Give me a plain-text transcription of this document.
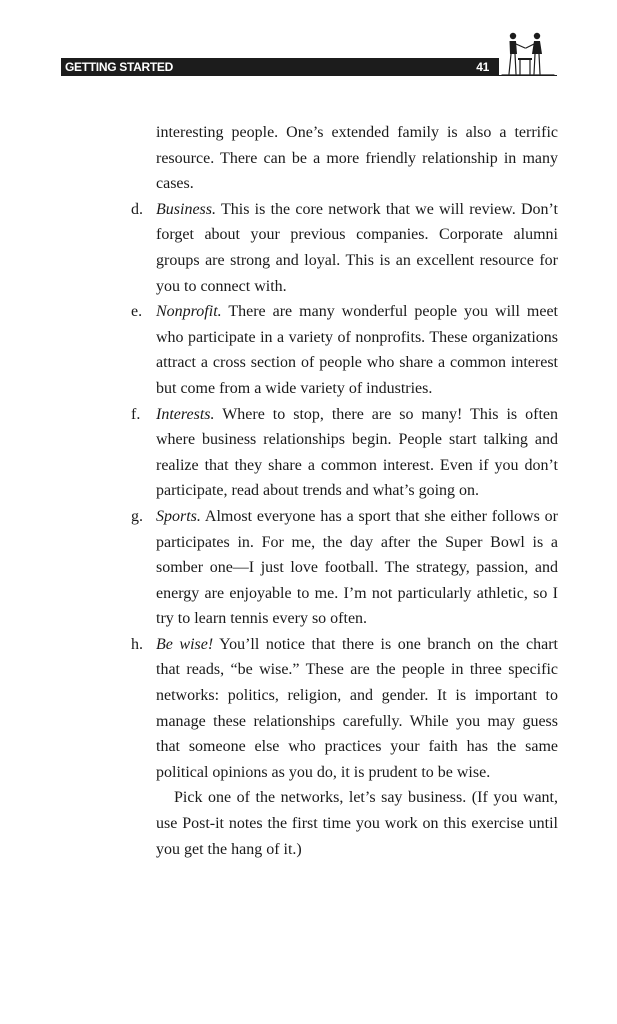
GETTING STARTED	41

interesting people. One’s extended family is also a terrific resource. There can be a more friendly relationship in many cases.

d. Business. This is the core network that we will review. Don’t forget about your previous companies. Corporate alumni groups are strong and loyal. This is an excellent resource for you to connect with.

e. Nonprofit. There are many wonderful people you will meet who participate in a variety of nonprofits. These organizations attract a cross section of people who share a common interest but come from a wide variety of industries.

f. Interests. Where to stop, there are so many! This is often where business relationships begin. People start talking and realize that they share a common interest. Even if you don’t participate, read about trends and what’s going on.

g. Sports. Almost everyone has a sport that she either follows or participates in. For me, the day after the Super Bowl is a somber one—I just love football. The strategy, passion, and energy are enjoyable to me. I’m not particularly athletic, so I try to learn tennis every so often.

h. Be wise! You’ll notice that there is one branch on the chart that reads, “be wise.” These are the people in three specific networks: politics, religion, and gender. It is important to manage these relationships carefully. While you may guess that someone else who practices your faith has the same political opinions as you do, it is prudent to be wise.

Pick one of the networks, let’s say business. (If you want, use Post-it notes the first time you work on this exercise until you get the hang of it.)
